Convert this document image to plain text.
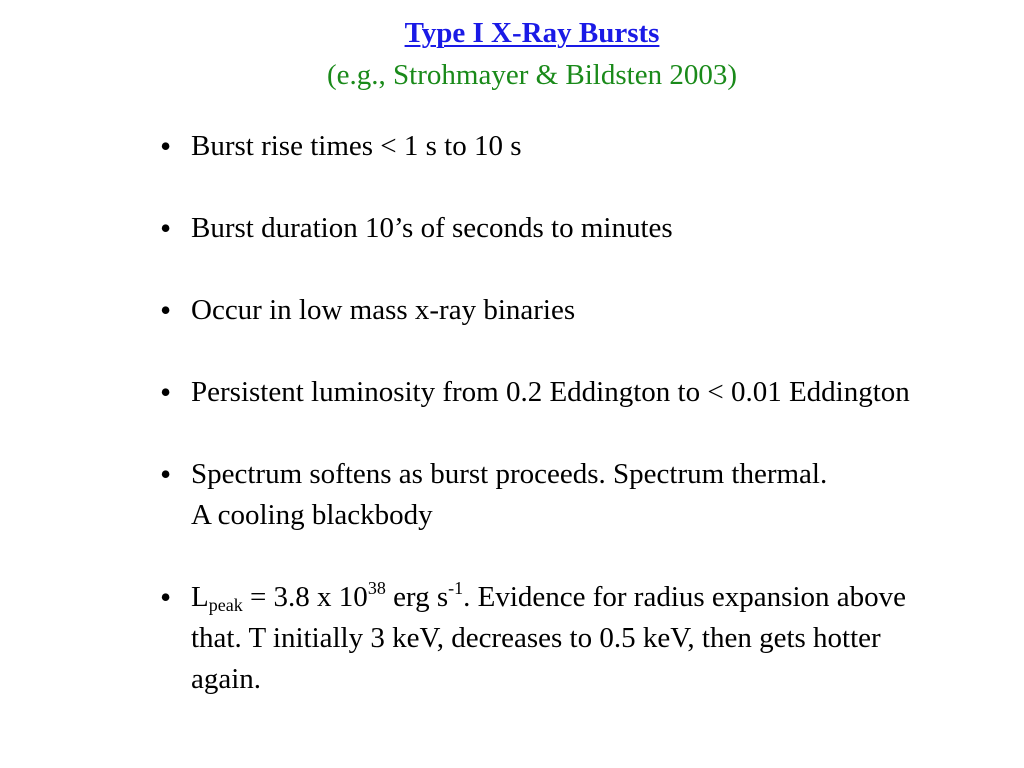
Type I X-Ray Bursts
(e.g., Strohmayer & Bildsten 2003)
• Burst rise times < 1 s to 10 s
• Burst duration 10’s of seconds to minutes
• Occur in low mass x-ray binaries
• Persistent luminosity from 0.2 Eddington to < 0.01 Eddington
• Spectrum softens as burst proceeds. Spectrum thermal. A cooling blackbody
• $L_{peak} = 3.8$ x $10^{38}$ erg $s^{-1}$. Evidence for radius expansion above that. T initially 3 keV, decreases to 0.5 keV, then gets hotter again.
